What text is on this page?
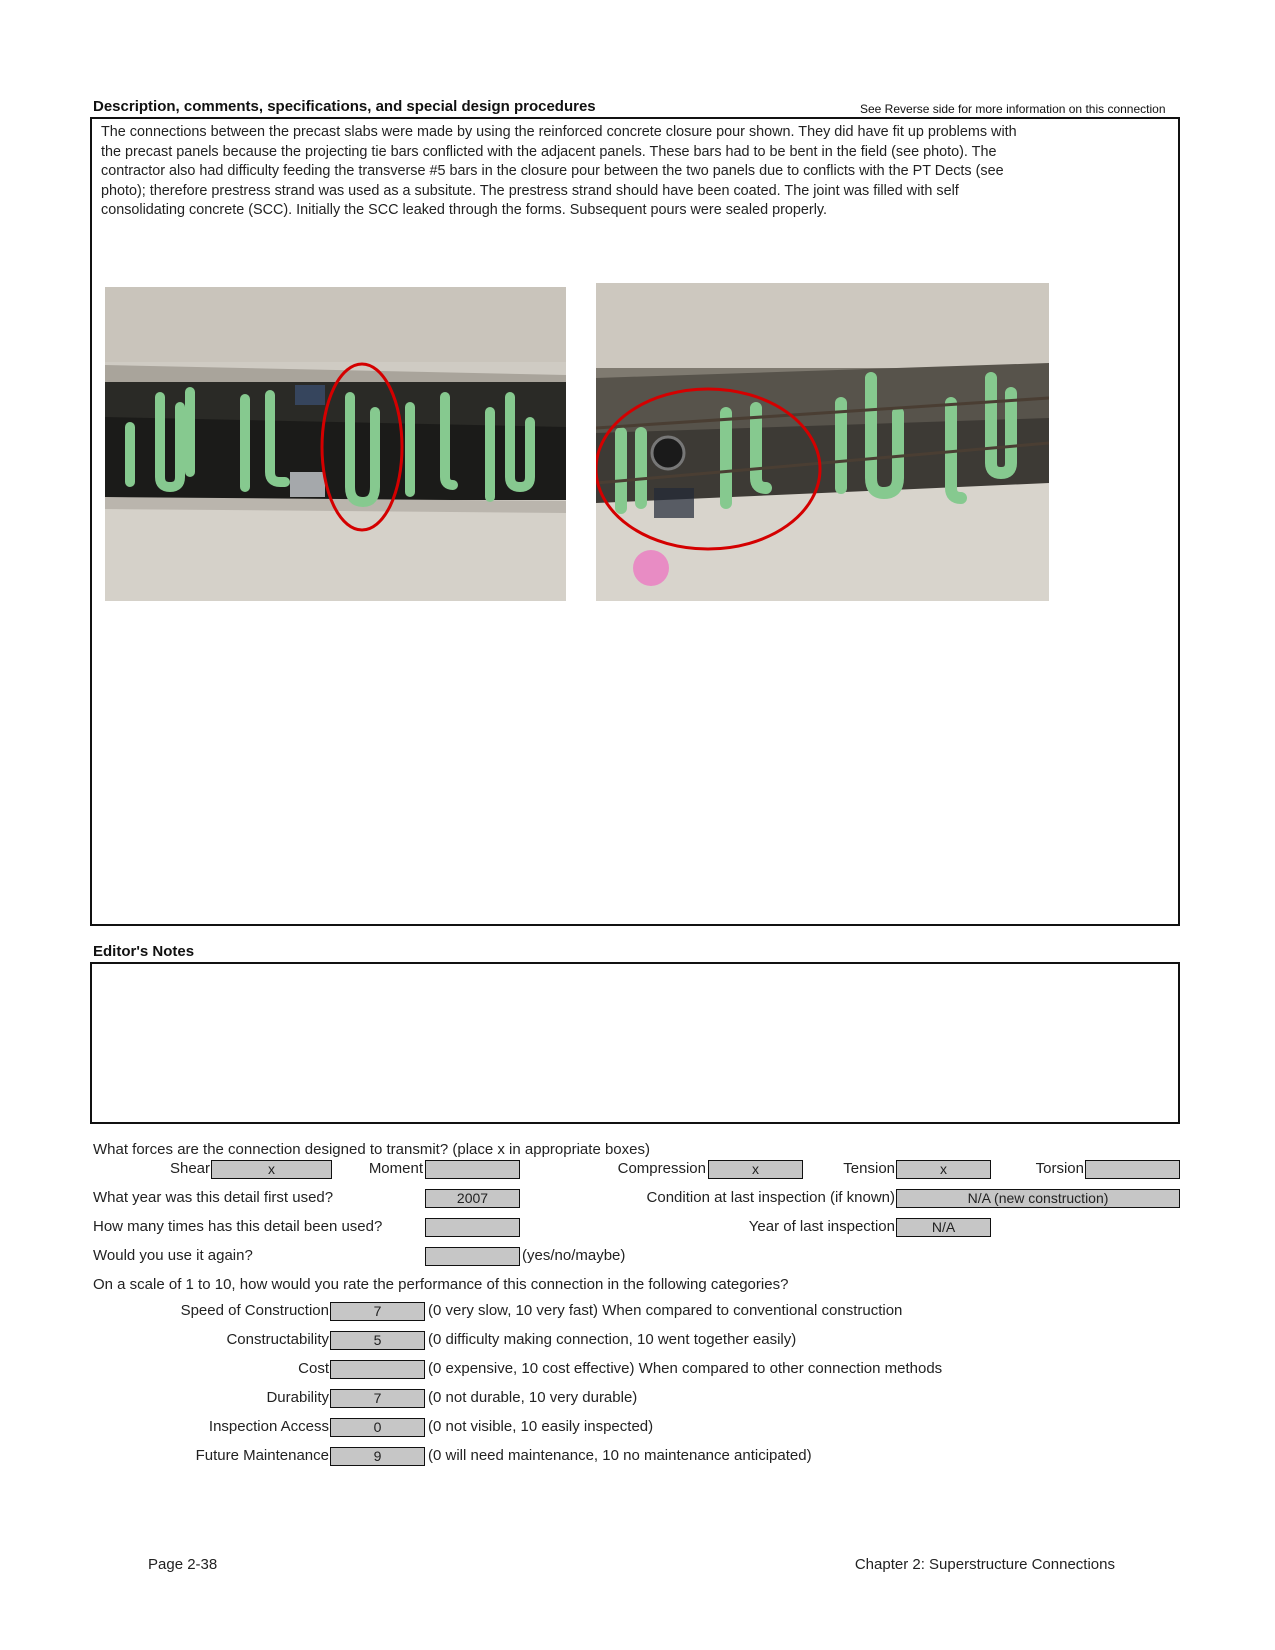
Description, comments, specifications, and special design procedures	See Reverse side for more information on this connection
The connections between the precast slabs were made by using the reinforced concrete closure pour shown. They did have fit up problems with
the precast panels because the projecting tie bars conflicted with the adjacent panels. These bars had to be bent in the field (see photo). The
contractor also had difficulty feeding the transverse #5 bars in the closure pour between the two panels due to conflicts with the PT Dects (see
photo); therefore prestress strand was used as a subsitute. The prestress strand should have been coated. The joint was filled with self
consolidating concrete (SCC). Initially the SCC leaked through the forms. Subsequent pours were sealed properly.
Editor's Notes
What forces are the connection designed to transmit? (place x in appropriate boxes)
Shear	x	Moment	Compression	x	Tension	x	Torsion
What year was this detail first used?	2007	Condition at last inspection (if known)	N/A (new construction)
How many times has this detail been used?	Year of last inspection	N/A
Would you use it again?	(yes/no/maybe)
On a scale of 1 to 10, how would you rate the performance of this connection in the following categories?
Speed of Construction	7	(0 very slow, 10 very fast) When compared to conventional construction
Constructability	5	(0 difficulty making connection, 10 went together easily)
Cost	(0 expensive, 10 cost effective) When compared to other connection methods
Durability	7	(0 not durable, 10 very durable)
Inspection Access	0	(0 not visible, 10 easily inspected)
Future Maintenance	9	(0 will need maintenance, 10 no maintenance anticipated)
Page 2-38	Chapter 2: Superstructure Connections
